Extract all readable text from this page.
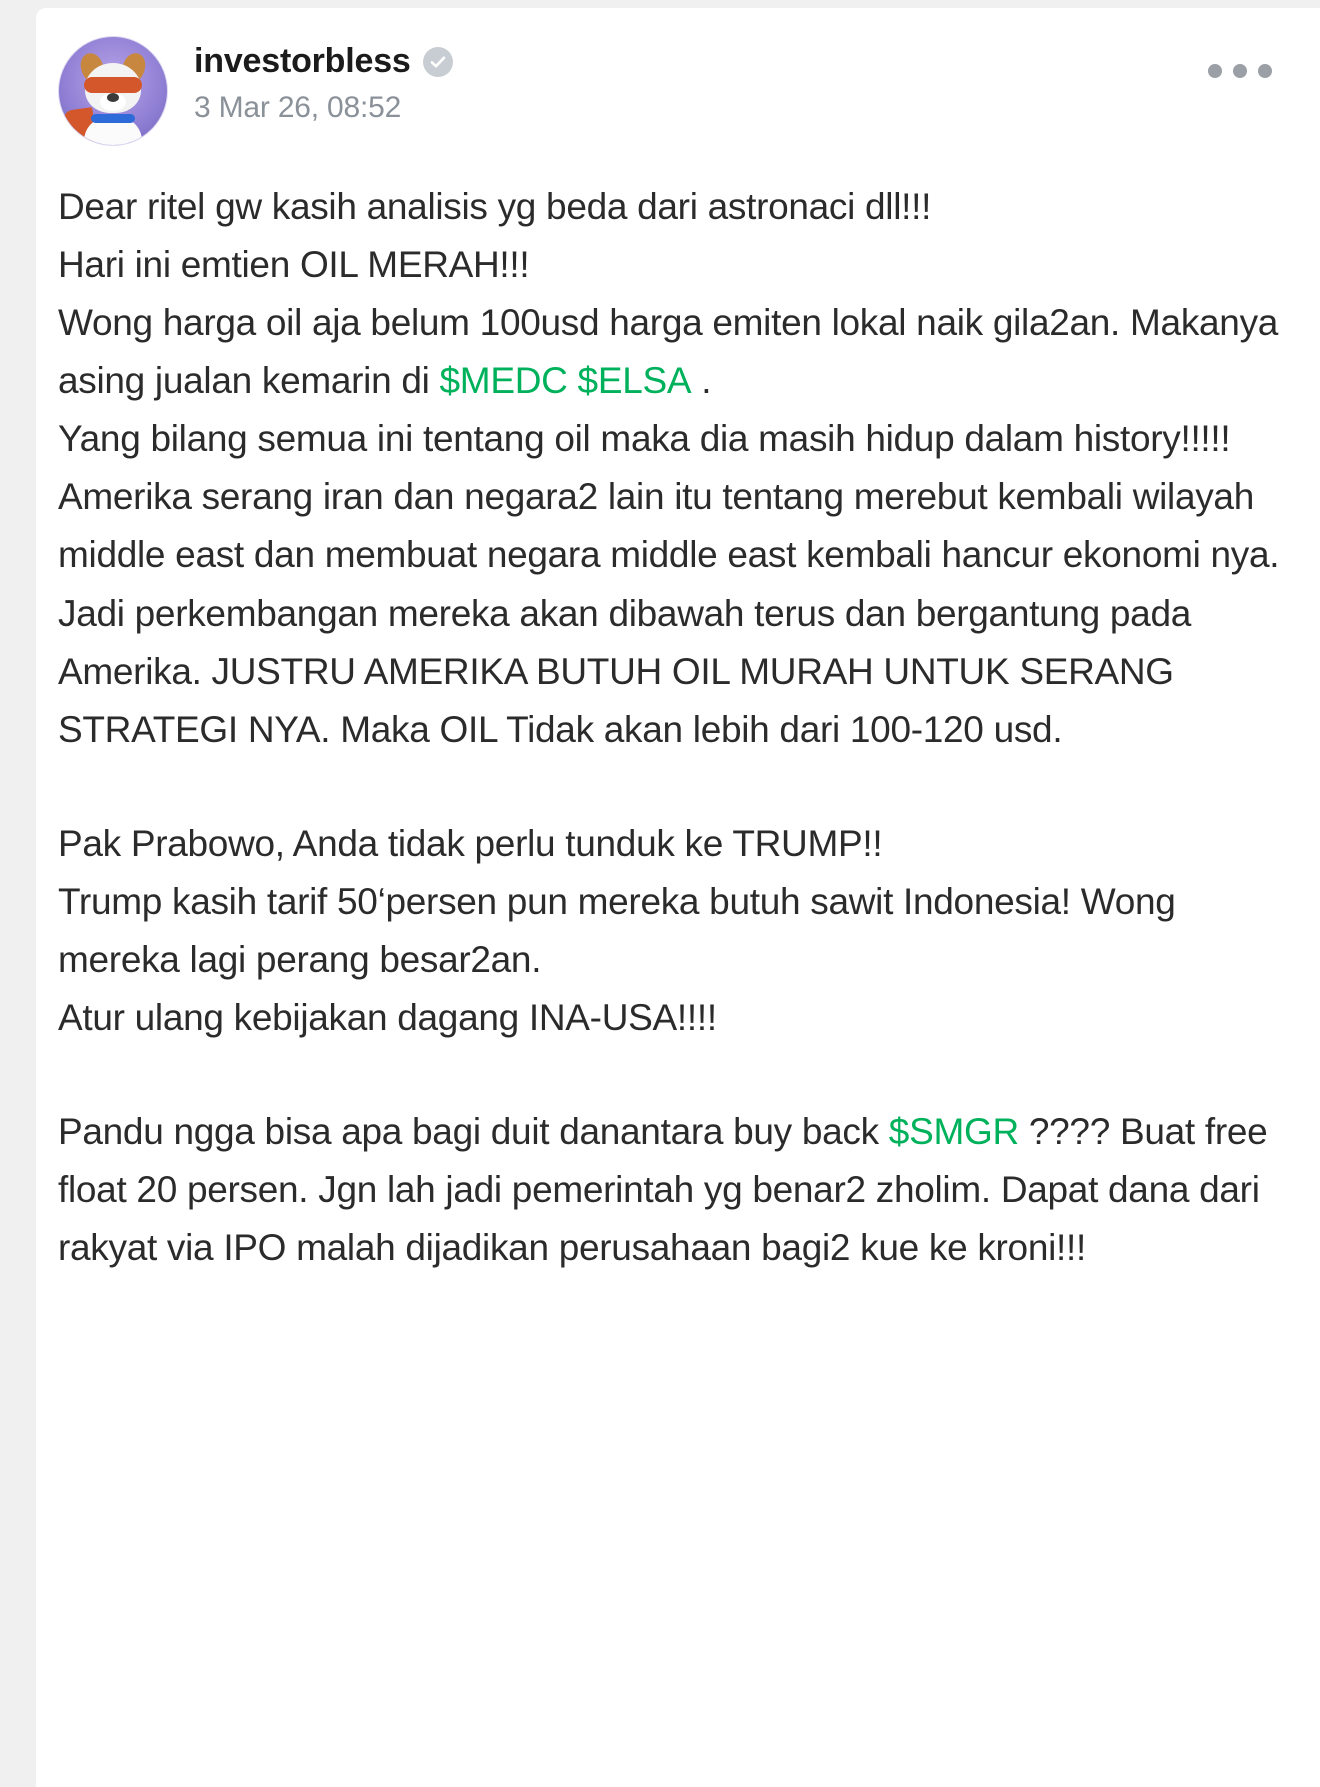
investorbless
3 Mar 26, 08:52

Dear ritel gw kasih analisis yg beda dari astronaci dll!!!

Hari ini emtien OIL MERAH!!!

Wong harga oil aja belum 100usd harga emiten lokal naik gila2an. Makanya asing jualan kemarin di $MEDC $ELSA .

Yang bilang semua ini tentang oil maka dia masih hidup dalam history!!!!!

Amerika serang iran dan negara2 lain itu tentang merebut kembali wilayah middle east dan membuat negara middle east kembali hancur ekonomi nya. Jadi perkembangan mereka akan dibawah terus dan bergantung pada Amerika. JUSTRU AMERIKA BUTUH OIL MURAH UNTUK SERANG STRATEGI NYA. Maka OIL Tidak akan lebih dari 100-120 usd.

Pak Prabowo, Anda tidak perlu tunduk ke TRUMP!!

Trump kasih tarif 50‘persen pun mereka butuh sawit Indonesia! Wong mereka lagi perang besar2an.

Atur ulang kebijakan dagang INA-USA!!!!

Pandu ngga bisa apa bagi duit danantara buy back $SMGR ???? Buat free float 20 persen. Jgn lah jadi pemerintah yg benar2 zholim. Dapat dana dari rakyat via IPO malah dijadikan perusahaan bagi2 kue ke kroni!!!
